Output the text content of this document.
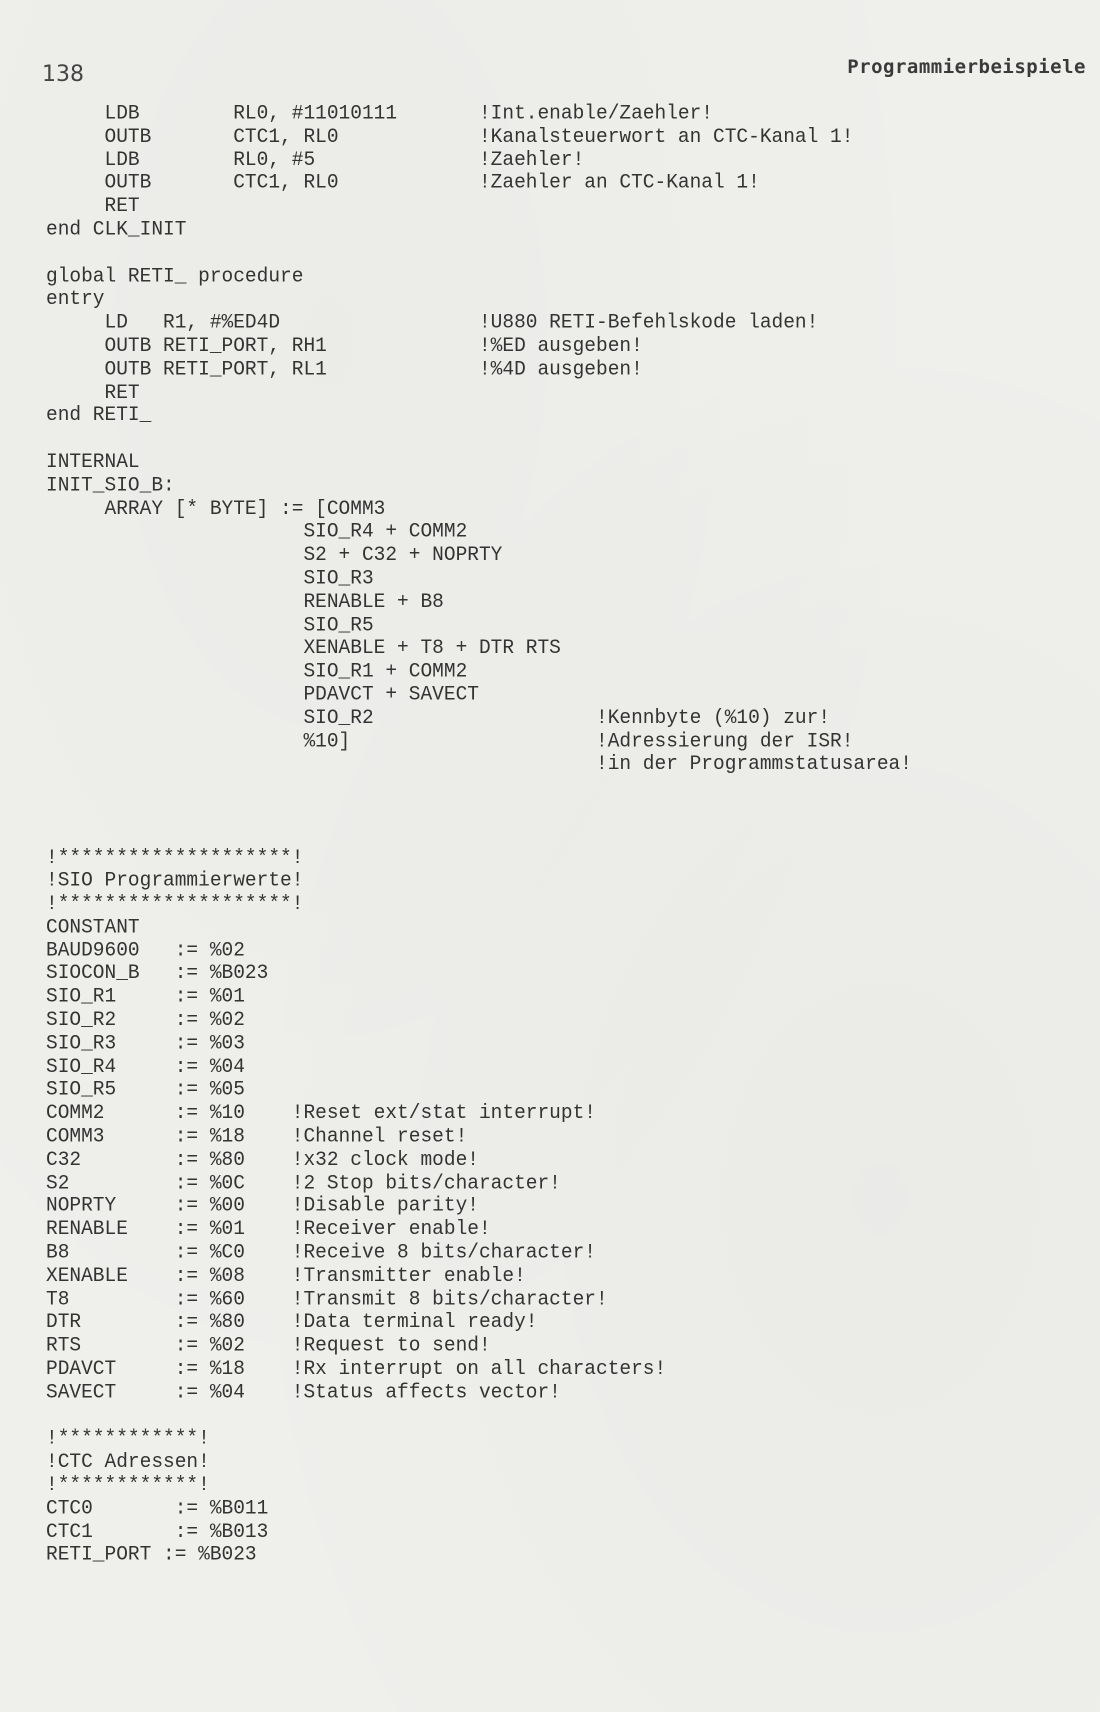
138	Programmierbeispiele
LDB        RL0, #11010111       !Int.enable/Zaehler!
OUTB       CTC1, RL0            !Kanalsteuerwort an CTC-Kanal 1!
LDB        RL0, #5              !Zaehler!
OUTB       CTC1, RL0            !Zaehler an CTC-Kanal 1!
RET
end CLK_INIT
global RETI_ procedure
entry
LD   R1, #%ED4D                 !U880 RETI-Befehlskode laden!
OUTB RETI_PORT, RH1             !%ED ausgeben!
OUTB RETI_PORT, RL1             !%4D ausgeben!
RET
end RETI_
INTERNAL
INIT_SIO_B:
ARRAY [* BYTE] := [COMM3
SIO_R4 + COMM2
S2 + C32 + NOPRTY
SIO_R3
RENABLE + B8
SIO_R5
XENABLE + T8 + DTR RTS
SIO_R1 + COMM2
PDAVCT + SAVECT
SIO_R2                   !Kennbyte (%10) zur!
%10]                     !Adressierung der ISR!
!in der Programmstatusarea!
!********************!
!SIO Programmierwerte!
!********************!
CONSTANT
BAUD9600   := %02
SIOCON_B   := %B023
SIO_R1     := %01
SIO_R2     := %02
SIO_R3     := %03
SIO_R4     := %04
SIO_R5     := %05
COMM2      := %10    !Reset ext/stat interrupt!
COMM3      := %18    !Channel reset!
C32        := %80    !x32 clock mode!
S2         := %0C    !2 Stop bits/character!
NOPRTY     := %00    !Disable parity!
RENABLE    := %01    !Receiver enable!
B8         := %C0    !Receive 8 bits/character!
XENABLE    := %08    !Transmitter enable!
T8         := %60    !Transmit 8 bits/character!
DTR        := %80    !Data terminal ready!
RTS        := %02    !Request to send!
PDAVCT     := %18    !Rx interrupt on all characters!
SAVECT     := %04    !Status affects vector!
!************!
!CTC Adressen!
!************!
CTC0       := %B011
CTC1       := %B013
RETI_PORT := %B023
